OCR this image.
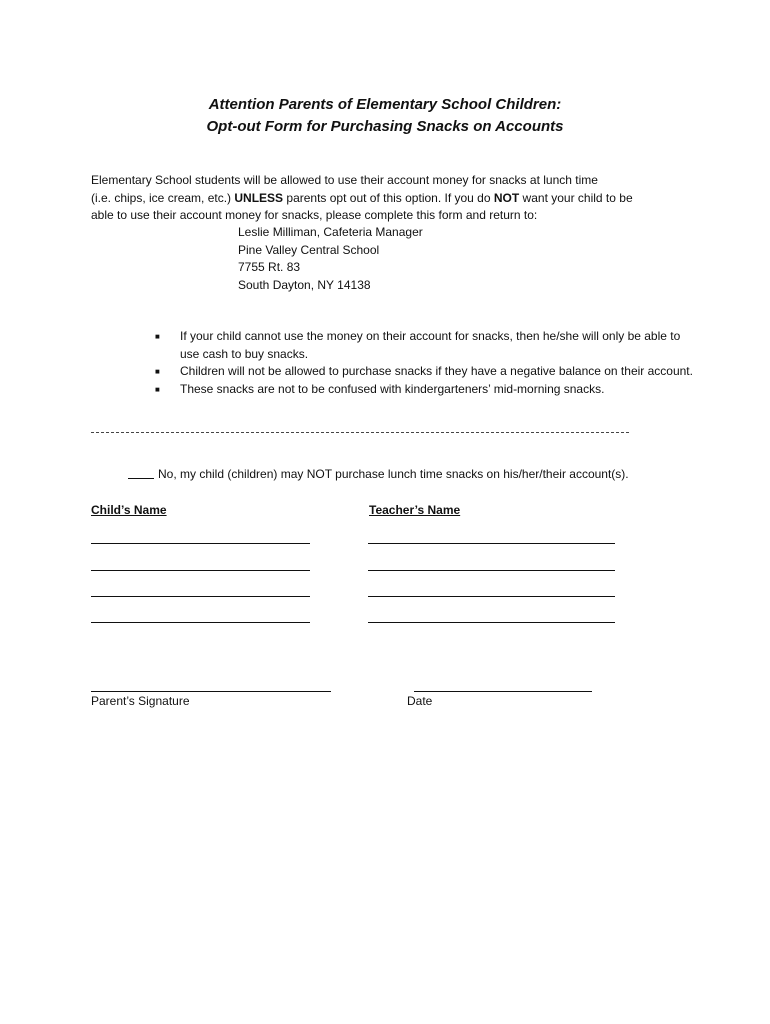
Attention Parents of Elementary School Children:
Opt-out Form for Purchasing Snacks on Accounts
Elementary School students will be allowed to use their account money for snacks at lunch time
(i.e. chips, ice cream, etc.) UNLESS parents opt out of this option. If you do NOT want your child to be
able to use their account money for snacks, please complete this form and return to:
Leslie Milliman, Cafeteria Manager
Pine Valley Central School
7755 Rt. 83
South Dayton, NY 14138
■	If your child cannot use the money on their account for snacks, then he/she will only be able to use cash to buy snacks.
■	Children will not be allowed to purchase snacks if they have a negative balance on their account.
■	These snacks are not to be confused with kindergarteners’ mid-morning snacks.
No, my child (children) may NOT purchase lunch time snacks on his/her/their account(s).
Child’s Name	Teacher’s Name
Parent’s Signature	Date
